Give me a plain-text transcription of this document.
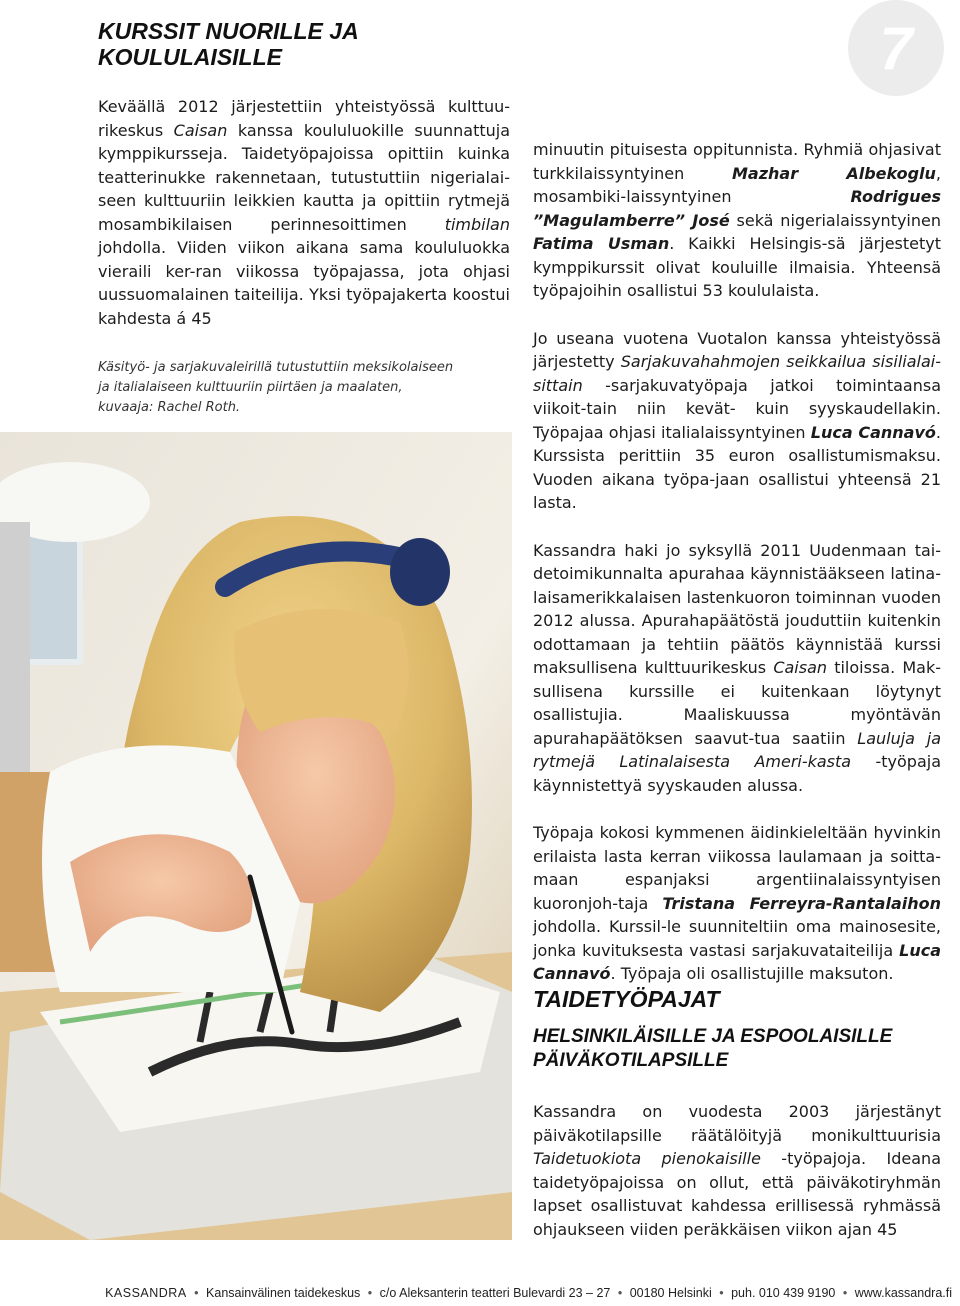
KURSSIT NUORILLE JA
KOULULAISILLE	7

Keväällä 2012 järjestettiin yhteistyössä kulttuu-rikeskus Caisan kanssa koululuokille suunnattuja kymppikursseja. Taidetyöpajoissa opittiin kuinka teatterinukke rakennetaan, tutustuttiin nigerialai-seen kulttuuriin leikkien kautta ja opittiin rytmejä mosambikilaisen perinnesoittimen timbilan johdolla. Viiden viikon aikana sama koululuokka vieraili ker-ran viikossa työpajassa, jota ohjasi uussuomalainen taiteilija. Yksi työpajakerta koostui kahdesta á 45

Käsityö- ja sarjakuvaleirillä tutustuttiin meksikolaiseen
ja italialaiseen kulttuuriin piirtäen ja maalaten,
kuvaaja: Rachel Roth.

minuutin pituisesta oppitunnista. Ryhmiä ohjasivat turkkilaissyntyinen Mazhar Albekoglu, mosambiki-laissyntyinen Rodrigues ”Magulamberre” José sekä nigerialaissyntyinen Fatima Usman. Kaikki Helsingis-sä järjestetyt kymppikurssit olivat kouluille ilmaisia. Yhteensä työpajoihin osallistui 53 koululaista.

Jo useana vuotena Vuotalon kanssa yhteistyössä järjestetty Sarjakuvahahmojen seikkailua sisilialai-sittain -sarjakuvatyöpaja jatkoi toimintaansa viikoit-tain niin kevät- kuin syyskaudellakin. Työpajaa ohjasi italialaissyntyinen Luca Cannavó. Kurssista perittiin 35 euron osallistumismaksu. Vuoden aikana työpa-jaan osallistui yhteensä 21 lasta.

Kassandra haki jo syksyllä 2011 Uudenmaan tai-detoimikunnalta apurahaa käynnistääkseen latina-laisamerikkalaisen lastenkuoron toiminnan vuoden 2012 alussa. Apurahapäätöstä jouduttiin kuitenkin odottamaan ja tehtiin päätös käynnistää kurssi maksullisena kulttuurikeskus Caisan tiloissa. Mak-sullisena kurssille ei kuitenkaan löytynyt osallistujia. Maaliskuussa myöntävän apurahapäätöksen saavut-tua saatiin Lauluja ja rytmejä Latinalaisesta Ameri-kasta -työpaja käynnistettyä syyskauden alussa.

Työpaja kokosi kymmenen äidinkieleltään hyvinkin erilaista lasta kerran viikossa laulamaan ja soitta-maan espanjaksi argentiinalaissyntyisen kuoronjoh-taja Tristana Ferreyra-Rantalaihon johdolla. Kurssil-le suunniteltiin oma mainosesite, jonka kuvituksesta vastasi sarjakuvataiteilija Luca Cannavó. Työpaja oli osallistujille maksuton.

TAIDETYÖPAJAT
HELSINKILÄISILLE JA ESPOOLAISILLE
PÄIVÄKOTILAPSILLE

Kassandra on vuodesta 2003 järjestänyt päiväkotilapsille räätälöityjä monikulttuurisia Taidetuokiota pienokaisille -työpajoja. Ideana taidetyöpajoissa on ollut, että päiväkotiryhmän lapset osallistuvat kahdessa erillisessä ryhmässä ohjaukseen viiden peräkkäisen viikon ajan 45

KASSANDRA • Kansainvälinen taidekeskus • c/o Aleksanterin teatteri Bulevardi 23 – 27 • 00180 Helsinki • puh. 010 439 9190 • www.kassandra.fi
